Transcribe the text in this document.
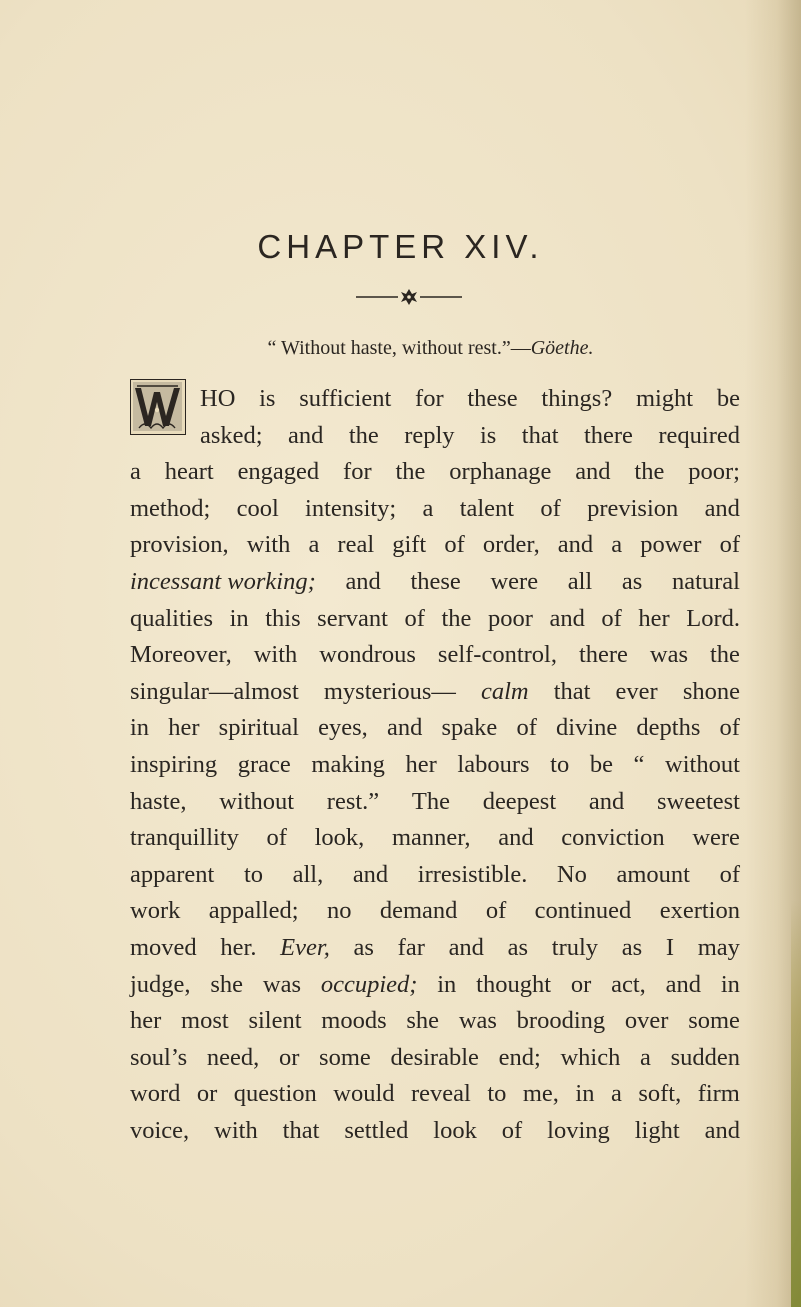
CHAPTER XIV.
“ Without haste, without rest.”—Göethe.
HO is sufficient for these things? might be
asked; and the reply is that there required
a heart engaged for the orphanage and the poor;
method; cool intensity; a talent of prevision and
provision, with a real gift of order, and a power of
incessant working; and these were all as natural
qualities in this servant of the poor and of her Lord.
Moreover, with wondrous self-control, there was the
singular—almost mysterious— calm that ever shone
in her spiritual eyes, and spake of divine depths of
inspiring grace making her labours to be “ without
haste, without rest.” The deepest and sweetest
tranquillity of look, manner, and conviction were
apparent to all, and irresistible. No amount of
work appalled; no demand of continued exertion
moved her. Ever, as far and as truly as I may
judge, she was occupied; in thought or act, and in
her most silent moods she was brooding over some
soul’s need, or some desirable end; which a sudden
word or question would reveal to me, in a soft, firm
voice, with that settled look of loving light and
